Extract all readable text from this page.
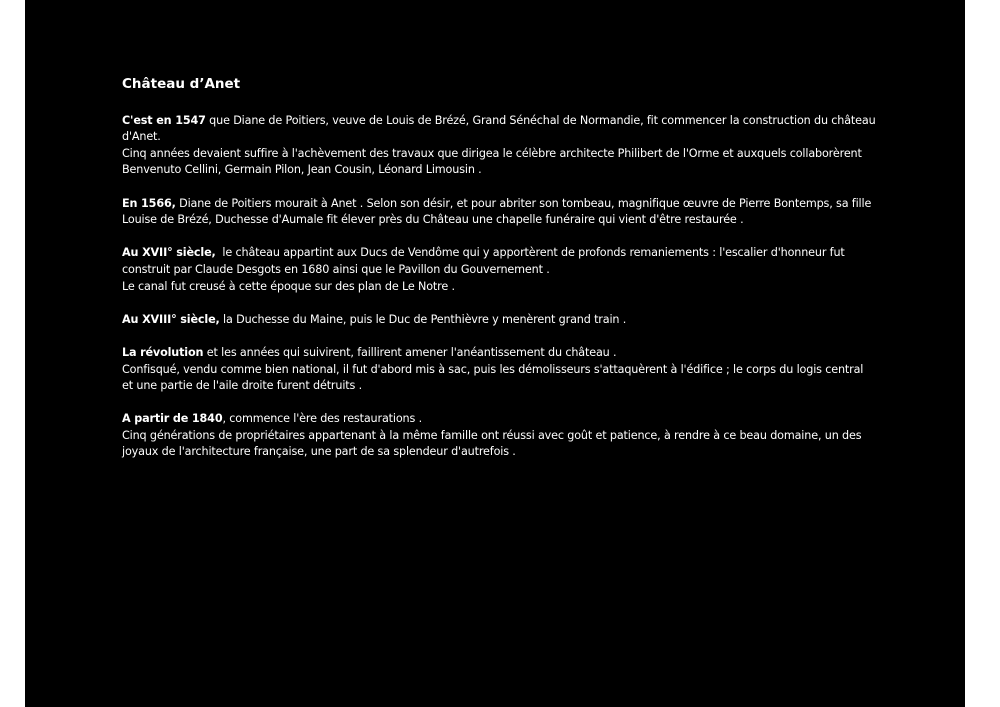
Château d’Anet
C'est en 1547 que Diane de Poitiers, veuve de Louis de Brézé, Grand Sénéchal de Normandie, fit commencer la construction du château
d'Anet.
Cinq années devaient suffire à l'achèvement des travaux que dirigea le célèbre architecte Philibert de l'Orme et auxquels collaborèrent
Benvenuto Cellini, Germain Pilon, Jean Cousin, Léonard Limousin .
En 1566, Diane de Poitiers mourait à Anet . Selon son désir, et pour abriter son tombeau, magnifique œuvre de Pierre Bontemps, sa fille
Louise de Brézé, Duchesse d'Aumale fit élever près du Château une chapelle funéraire qui vient d'être restaurée .
Au XVII° siècle,  le château appartint aux Ducs de Vendôme qui y apportèrent de profonds remaniements : l'escalier d'honneur fut
construit par Claude Desgots en 1680 ainsi que le Pavillon du Gouvernement .
Le canal fut creusé à cette époque sur des plan de Le Notre .
Au XVIII° siècle, la Duchesse du Maine, puis le Duc de Penthièvre y menèrent grand train .
La révolution et les années qui suivirent, faillirent amener l'anéantissement du château .
Confisqué, vendu comme bien national, il fut d'abord mis à sac, puis les démolisseurs s'attaquèrent à l'édifice ; le corps du logis central
et une partie de l'aile droite furent détruits .
A partir de 1840, commence l'ère des restaurations .
Cinq générations de propriétaires appartenant à la même famille ont réussi avec goût et patience, à rendre à ce beau domaine, un des
joyaux de l'architecture française, une part de sa splendeur d'autrefois .
